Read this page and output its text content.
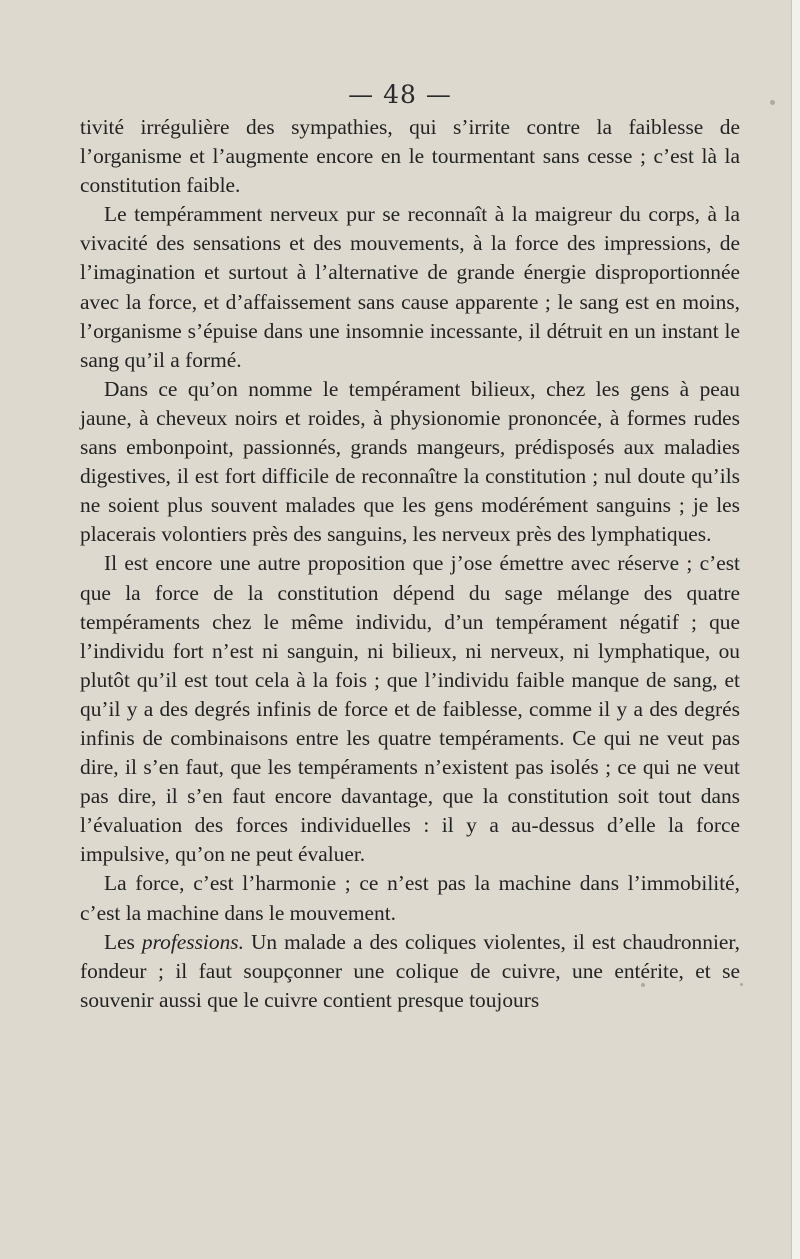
— 48 —

tivité irrégulière des sympathies, qui s’irrite contre la faiblesse de l’organisme et l’augmente encore en le tourmentant sans cesse ; c’est là la constitution faible.

Le tempéramment nerveux pur se reconnaît à la maigreur du corps, à la vivacité des sensations et des mouvements, à la force des impressions, de l’imagination et surtout à l’alternative de grande énergie disproportionnée avec la force, et d’affaissement sans cause apparente ; le sang est en moins, l’organisme s’épuise dans une insomnie incessante, il détruit en un instant le sang qu’il a formé.

Dans ce qu’on nomme le tempérament bilieux, chez les gens à peau jaune, à cheveux noirs et roides, à physionomie prononcée, à formes rudes sans embonpoint, passionnés, grands mangeurs, prédisposés aux maladies digestives, il est fort difficile de reconnaître la constitution ; nul doute qu’ils ne soient plus souvent malades que les gens modérément sanguins ; je les placerais volontiers près des sanguins, les nerveux près des lymphatiques.

Il est encore une autre proposition que j’ose émettre avec réserve ; c’est que la force de la constitution dépend du sage mélange des quatre tempéraments chez le même individu, d’un tempérament négatif ; que l’individu fort n’est ni sanguin, ni bilieux, ni nerveux, ni lymphatique, ou plutôt qu’il est tout cela à la fois ; que l’individu faible manque de sang, et qu’il y a des degrés infinis de force et de faiblesse, comme il y a des degrés infinis de combinaisons entre les quatre tempéraments. Ce qui ne veut pas dire, il s’en faut, que les tempéraments n’existent pas isolés ; ce qui ne veut pas dire, il s’en faut encore davantage, que la constitution soit tout dans l’évaluation des forces individuelles : il y a au-dessus d’elle la force impulsive, qu’on ne peut évaluer.

La force, c’est l’harmonie ; ce n’est pas la machine dans l’immobilité, c’est la machine dans le mouvement.

Les professions. Un malade a des coliques violentes, il est chaudronnier, fondeur ; il faut soupçonner une colique de cuivre, une entérite, et se souvenir aussi que le cuivre contient presque toujours
